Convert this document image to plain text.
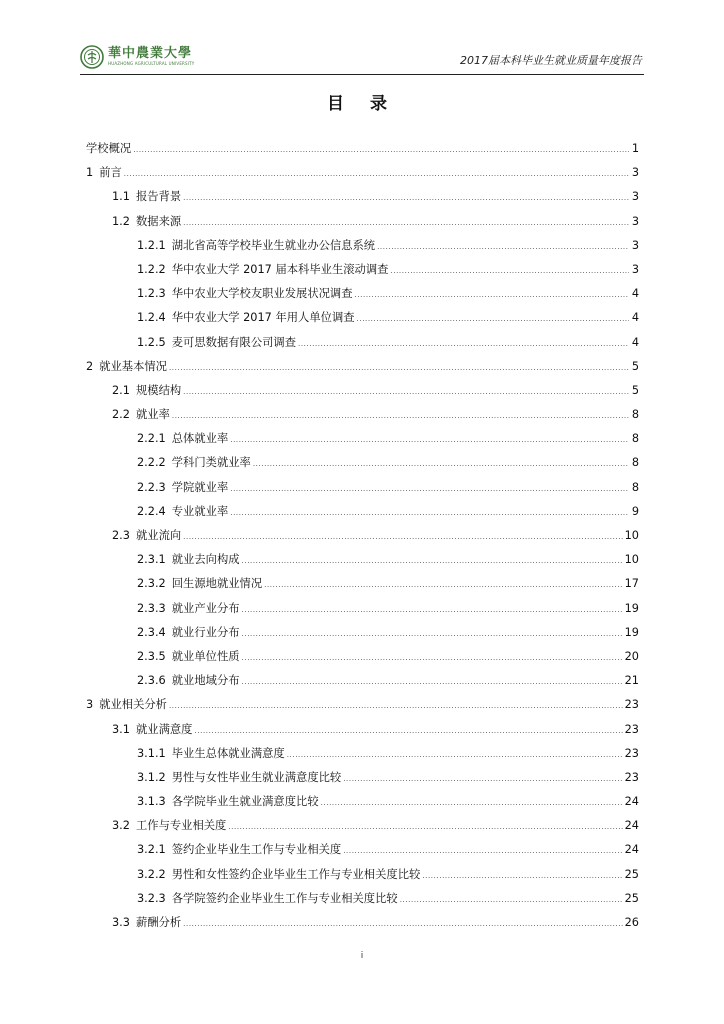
華中農業大學
HUAZHONG AGRICULTURAL UNIVERSITY	2017届本科毕业生就业质量年度报告
目 录
学校概况 .....	1
1 前言 .....	3
1.1 报告背景 .....	3
1.2 数据来源 .....	3
1.2.1 湖北省高等学校毕业生就业办公信息系统 .....	3
1.2.2 华中农业大学 2017 届本科毕业生滚动调查 .....	3
1.2.3 华中农业大学校友职业发展状况调查 .....	4
1.2.4 华中农业大学 2017 年用人单位调查 .....	4
1.2.5 麦可思数据有限公司调查 .....	4
2 就业基本情况 .....	5
2.1 规模结构 .....	5
2.2 就业率 .....	8
2.2.1 总体就业率 .....	8
2.2.2 学科门类就业率 .....	8
2.2.3 学院就业率 .....	8
2.2.4 专业就业率 .....	9
2.3 就业流向 .....	10
2.3.1 就业去向构成 .....	10
2.3.2 回生源地就业情况 .....	17
2.3.3 就业产业分布 .....	19
2.3.4 就业行业分布 .....	19
2.3.5 就业单位性质 .....	20
2.3.6 就业地域分布 .....	21
3 就业相关分析 .....	23
3.1 就业满意度 .....	23
3.1.1 毕业生总体就业满意度 .....	23
3.1.2 男性与女性毕业生就业满意度比较 .....	23
3.1.3 各学院毕业生就业满意度比较 .....	24
3.2 工作与专业相关度 .....	24
3.2.1 签约企业毕业生工作与专业相关度 .....	24
3.2.2 男性和女性签约企业毕业生工作与专业相关度比较 .....	25
3.2.3 各学院签约企业毕业生工作与专业相关度比较 .....	25
3.3 薪酬分析 .....	26
i
